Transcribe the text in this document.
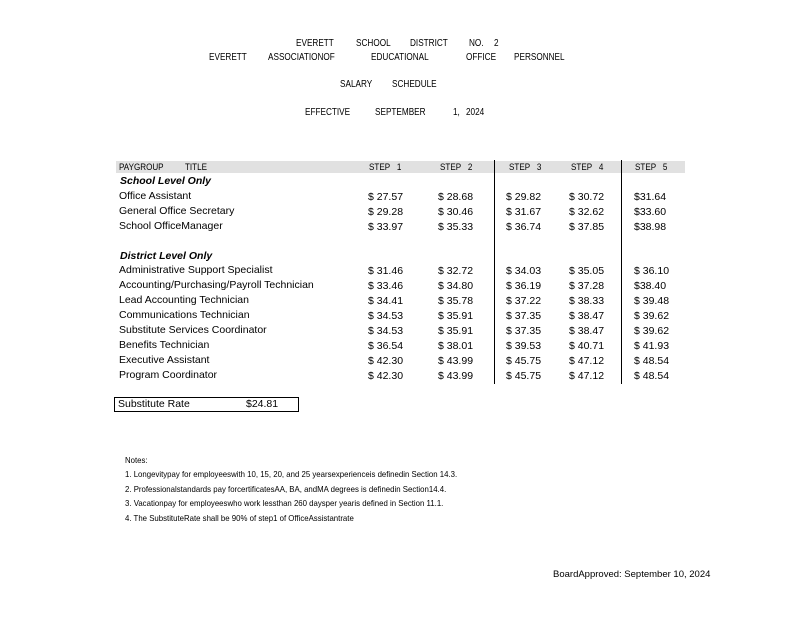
EVERETT SCHOOL DISTRICT NO. 2
EVERETT ASSOCIATIONOF	EDUCATIONAL	OFFICE PERSONNEL
SALARY SCHEDULE
EFFECTIVE SEPTEMBER	1, 2024
PAYGROUP TITLE	STEP 1	STEP 2	STEP 3	STEP 4	STEP 5
School Level Only
Office Assistant	$ 27.57	$ 28.68	$ 29.82	$ 30.72	$31.64
General Office Secretary	$ 29.28	$ 30.46	$ 31.67	$ 32.62	$33.60
School OfficeManager	$ 33.97	$ 35.33	$ 36.74	$ 37.85	$38.98
District Level Only
Administrative Support Specialist	$ 31.46	$ 32.72	$ 34.03	$ 35.05	$ 36.10
Accounting/Purchasing/Payroll Technician	$ 33.46	$ 34.80	$ 36.19	$ 37.28	$38.40
Lead Accounting Technician	$ 34.41	$ 35.78	$ 37.22	$ 38.33	$ 39.48
Communications Technician	$ 34.53	$ 35.91	$ 37.35	$ 38.47	$ 39.62
Substitute Services Coordinator	$ 34.53	$ 35.91	$ 37.35	$ 38.47	$ 39.62
Benefits Technician	$ 36.54	$ 38.01	$ 39.53	$ 40.71	$ 41.93
Executive Assistant	$ 42.30	$ 43.99	$ 45.75	$ 47.12	$ 48.54
Program Coordinator	$ 42.30	$ 43.99	$ 45.75	$ 47.12	$ 48.54
Substitute Rate	$24.81
Notes:
1. Longevitypay for employeeswith 10, 15, 20, and 25 yearsexperienceis definedin Section 14.3.
2. Professionalstandards pay forcertificatesAA, BA, andMA degrees is definedin Section14.4.
3. Vacationpay for employeeswho work lessthan 260 daysper yearis defined in Section 11.1.
4. The SubstituteRate shall be 90% of step1 of OfficeAssistantrate
BoardApproved: September 10, 2024
